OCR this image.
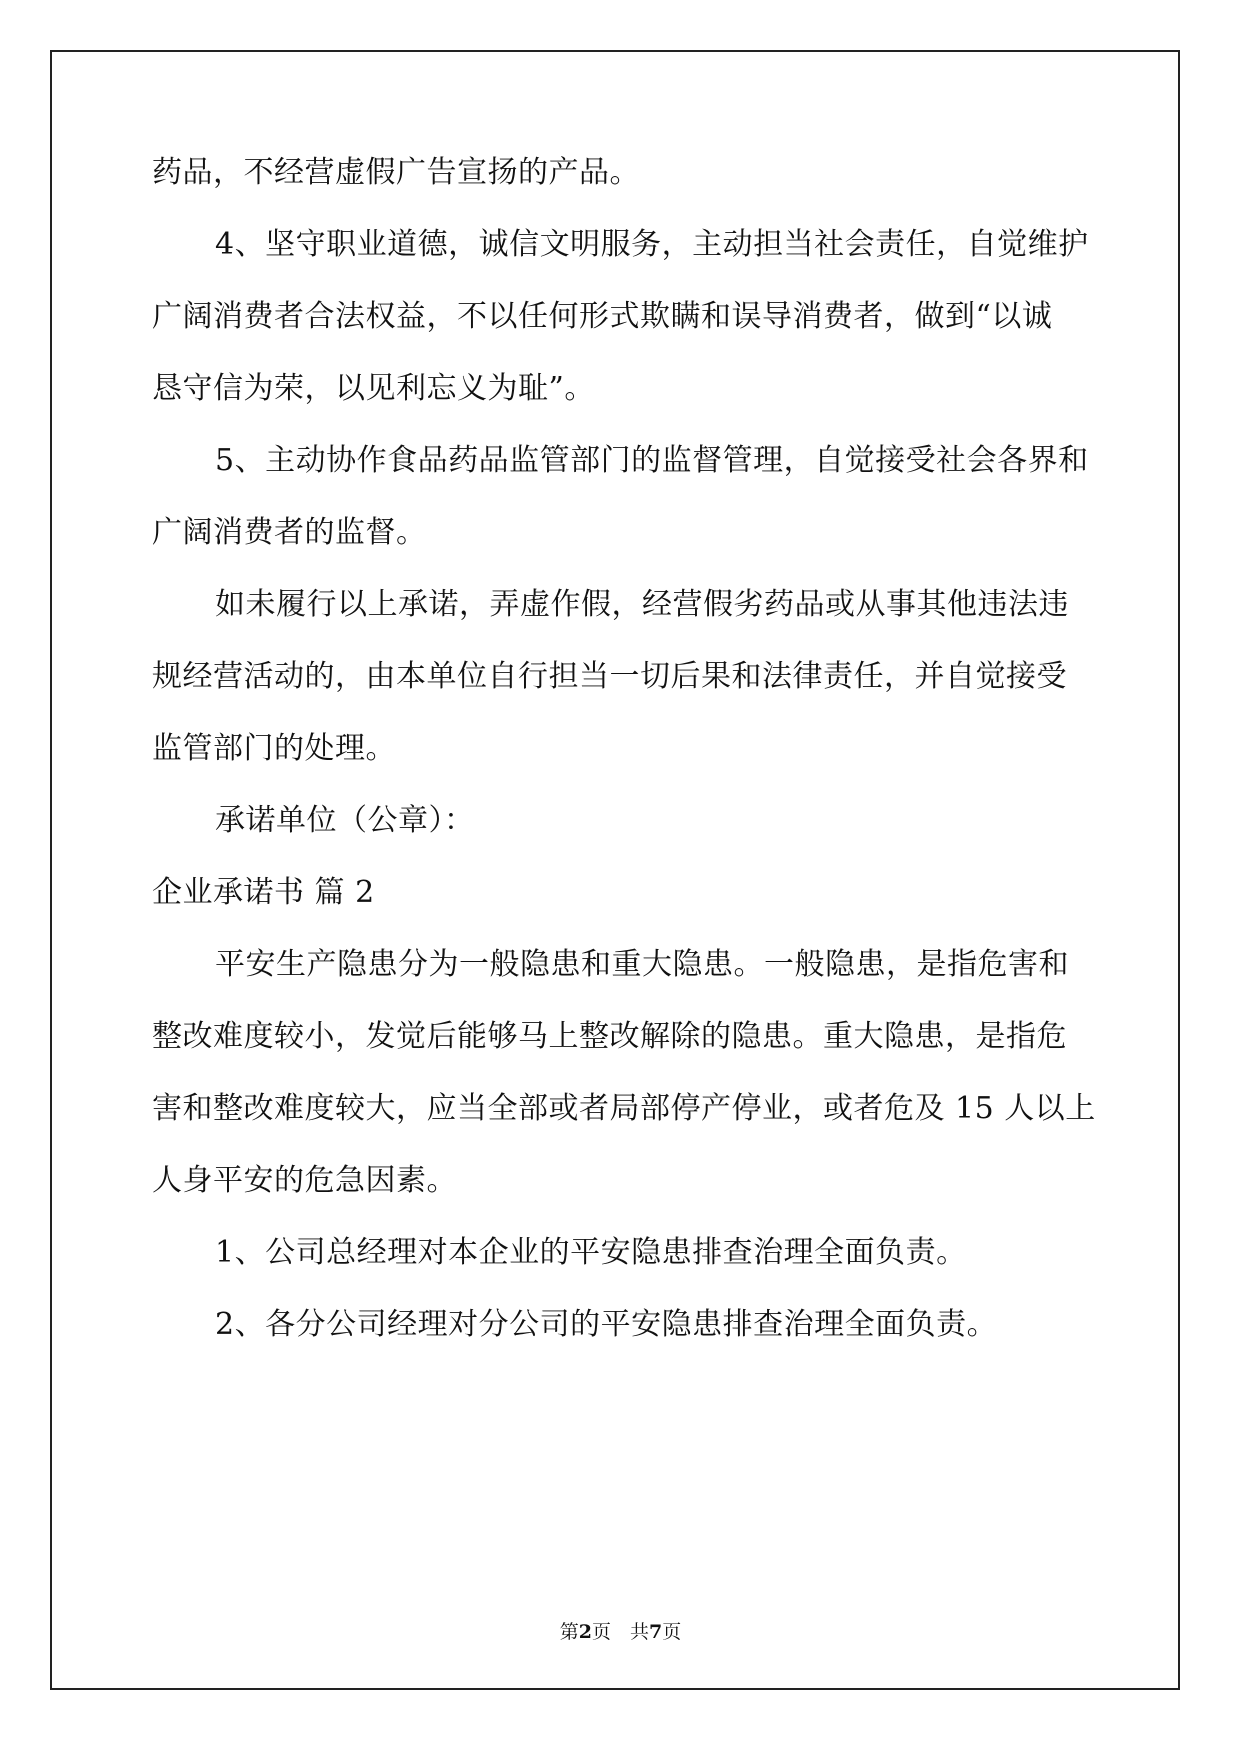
药品，不经营虚假广告宣扬的产品。
4、坚守职业道德，诚信文明服务，主动担当社会责任，自觉维护
广阔消费者合法权益，不以任何形式欺瞒和误导消费者，做到“以诚
恳守信为荣，以见利忘义为耻”。
5、主动协作食品药品监管部门的监督管理，自觉接受社会各界和
广阔消费者的监督。
如未履行以上承诺，弄虚作假，经营假劣药品或从事其他违法违
规经营活动的，由本单位自行担当一切后果和法律责任，并自觉接受
监管部门的处理。
承诺单位（公章）：
企业承诺书 篇 2
平安生产隐患分为一般隐患和重大隐患。一般隐患，是指危害和
整改难度较小，发觉后能够马上整改解除的隐患。重大隐患，是指危
害和整改难度较大，应当全部或者局部停产停业，或者危及 15 人以上
人身平安的危急因素。
1、公司总经理对本企业的平安隐患排查治理全面负责。
2、各分公司经理对分公司的平安隐患排查治理全面负责。
第2页　共7页
